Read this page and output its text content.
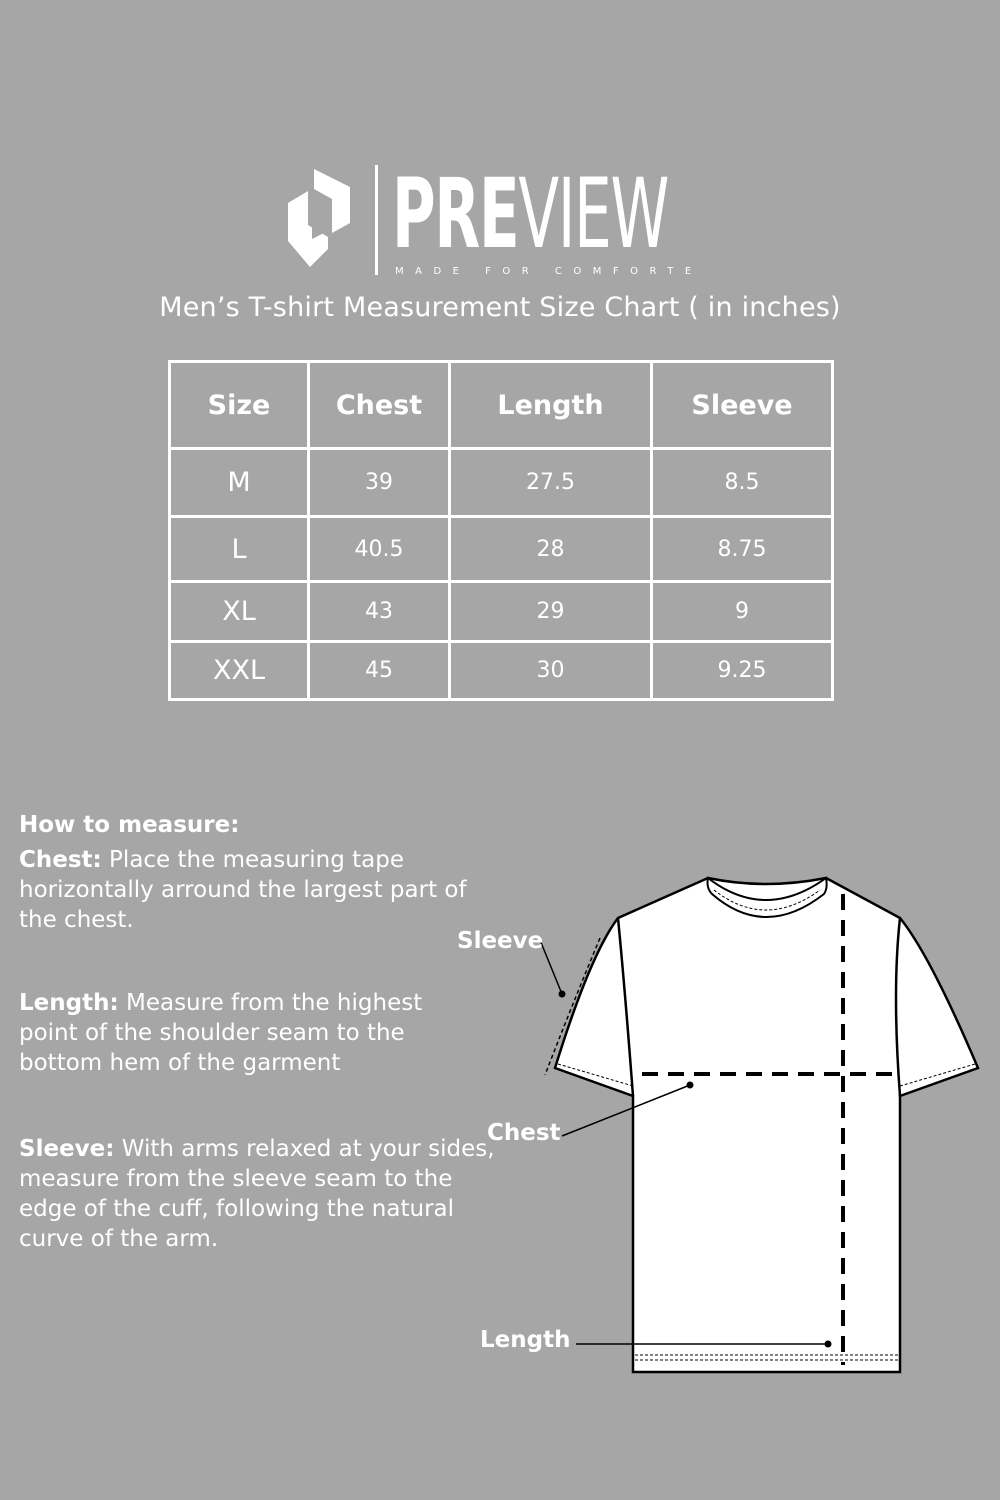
PREVIEW
MADE FOR COMFORTE
Men’s T-shirt Measurement Size Chart ( in inches)
Size	Chest	Length	Sleeve
M	39	27.5	8.5
L	40.5	28	8.75
XL	43	29	9
XXL	45	30	9.25
How to measure:

Chest: Place the measuring tape horizontally arround the largest part of the chest.

Length: Measure from the highest point of the shoulder seam to the bottom hem of the garment

Sleeve: With arms relaxed at your sides, measure from the sleeve seam to the edge of the cuff, following the natural curve of the arm.

Sleeve
Chest
Length
